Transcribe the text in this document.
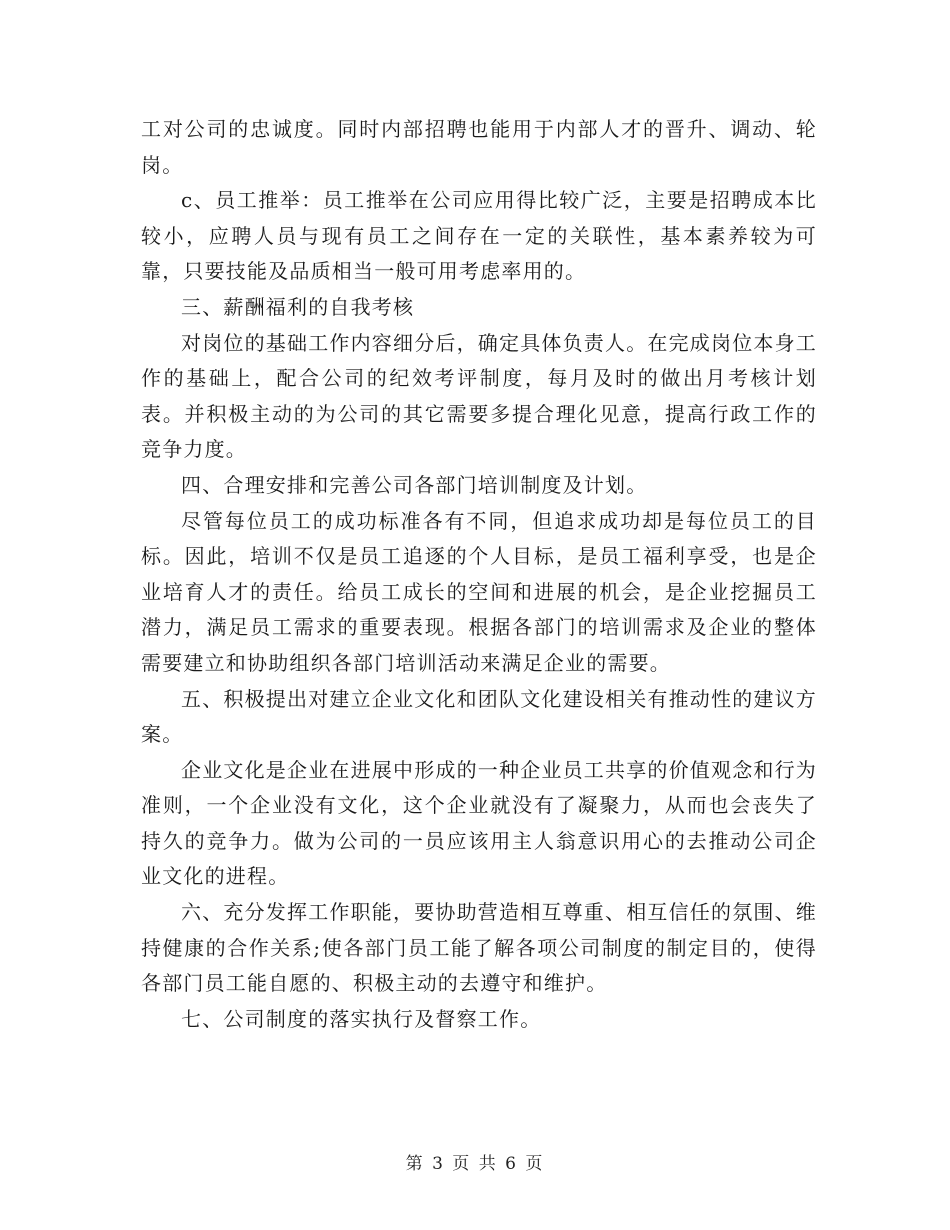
工对公司的忠诚度。同时内部招聘也能用于内部人才的晋升、调动、轮岗。

c、员工推举：员工推举在公司应用得比较广泛，主要是招聘成本比较小，应聘人员与现有员工之间存在一定的关联性，基本素养较为可靠，只要技能及品质相当一般可用考虑率用的。

三、薪酬福利的自我考核

对岗位的基础工作内容细分后，确定具体负责人。在完成岗位本身工作的基础上，配合公司的纪效考评制度，每月及时的做出月考核计划表。并积极主动的为公司的其它需要多提合理化见意，提高行政工作的竞争力度。

四、合理安排和完善公司各部门培训制度及计划。

尽管每位员工的成功标准各有不同，但追求成功却是每位员工的目标。因此，培训不仅是员工追逐的个人目标，是员工福利享受，也是企业培育人才的责任。给员工成长的空间和进展的机会，是企业挖掘员工潜力，满足员工需求的重要表现。根据各部门的培训需求及企业的整体需要建立和协助组织各部门培训活动来满足企业的需要。

五、积极提出对建立企业文化和团队文化建设相关有推动性的建议方案。

企业文化是企业在进展中形成的一种企业员工共享的价值观念和行为准则，一个企业没有文化，这个企业就没有了凝聚力，从而也会丧失了持久的竞争力。做为公司的一员应该用主人翁意识用心的去推动公司企业文化的进程。

六、充分发挥工作职能，要协助营造相互尊重、相互信任的氛围、维持健康的合作关系;使各部门员工能了解各项公司制度的制定目的，使得各部门员工能自愿的、积极主动的去遵守和维护。

七、公司制度的落实执行及督察工作。

第 3 页 共 6 页
